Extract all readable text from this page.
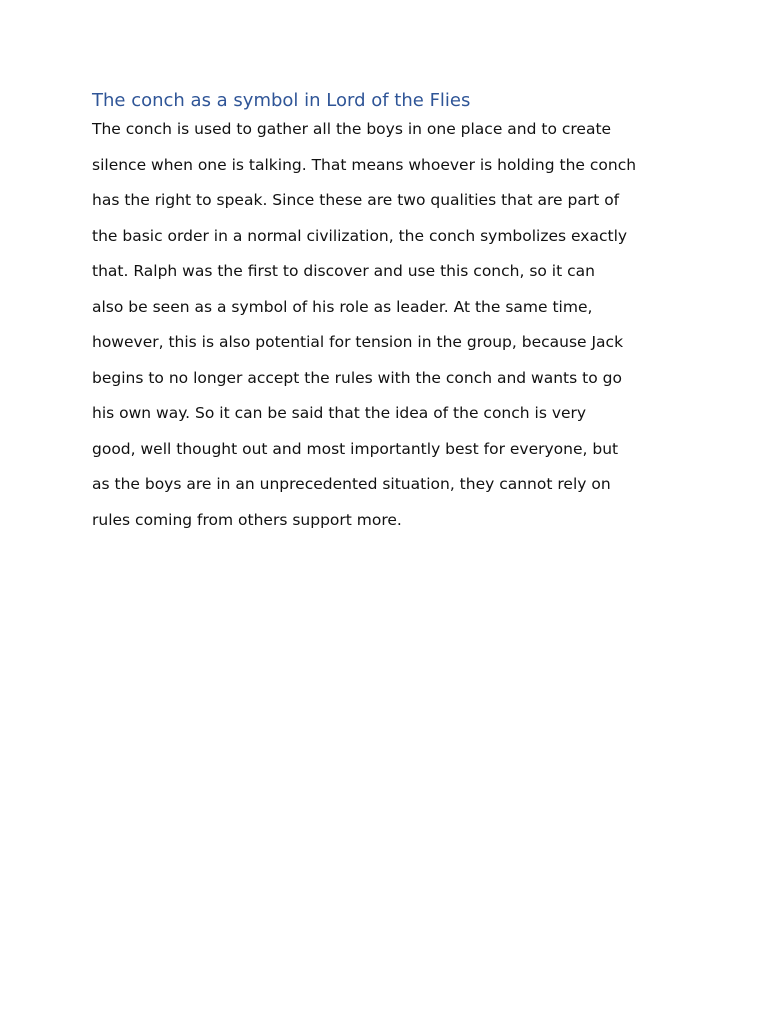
The conch as a symbol in Lord of the Flies
The conch is used to gather all the boys in one place and to create
silence when one is talking. That means whoever is holding the conch
has the right to speak. Since these are two qualities that are part of
the basic order in a normal civilization, the conch symbolizes exactly
that. Ralph was the first to discover and use this conch, so it can
also be seen as a symbol of his role as leader. At the same time,
however, this is also potential for tension in the group, because Jack
begins to no longer accept the rules with the conch and wants to go
his own way. So it can be said that the idea of the conch is very
good, well thought out and most importantly best for everyone, but
as the boys are in an unprecedented situation, they cannot rely on
rules coming from others support more.
